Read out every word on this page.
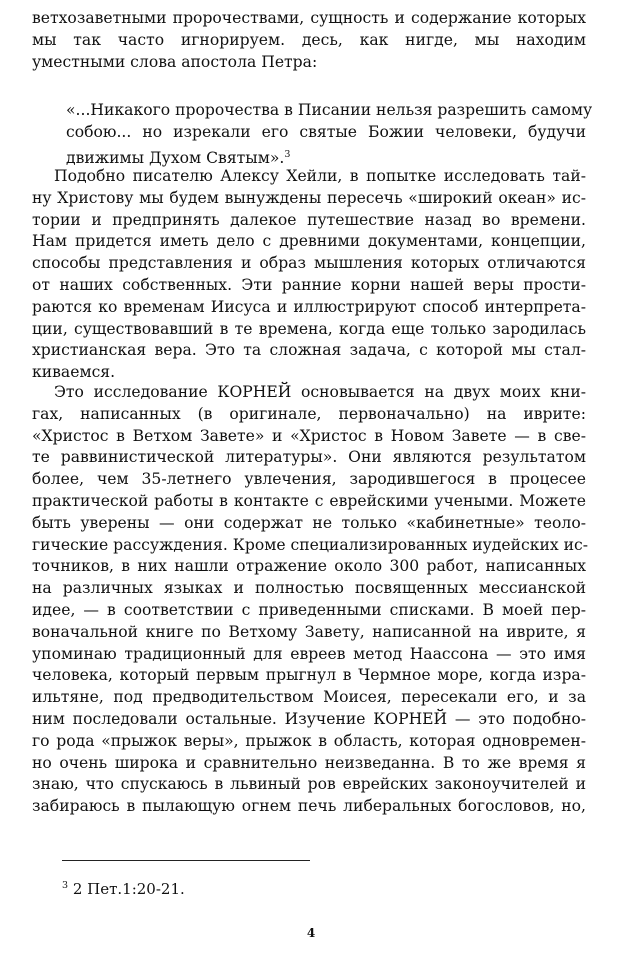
ветхозаветными пророчествами, сущность и содержание которых
мы так часто игнорируем. десь, как нигде, мы находим
уместными слова апостола Петра:
«...Никакого пророчества в Писании нельзя разрешить самому
собою... но изрекали его святые Божии человеки, будучи
движимы Духом Святым».$^3$
Подобно писателю Алексу Хейли, в попытке исследовать тай-
ну Христову мы будем вынуждены пересечь «широкий океан» ис-
тории и предпринять далекое путешествие назад во времени.
Нам придется иметь дело с древними документами, концепции,
способы представления и образ мышления которых отличаются
от наших собственных. Эти ранние корни нашей веры прости-
раются ко временам Иисуса и иллюстрируют способ интерпрета-
ции, существовавший в те времена, когда еще только зародилась
христианская вера. Это та сложная задача, с которой мы стал-
киваемся.
Это исследование КОРНЕЙ основывается на двух моих кни-
гах, написанных (в оригинале, первоначально) на иврите:
«Христос в Ветхом Завете» и «Христос в Новом Завете — в све-
те раввинистической литературы». Они являются результатом
более, чем 35-летнего увлечения, зародившегося в процесее
практической работы в контакте с еврейскими учеными. Можете
быть уверены — они содержат не только «кабинетные» теоло-
гические рассуждения. Кроме специализированных иудейских ис-
точников, в них нашли отражение около 300 работ, написанных
на различных языках и полностью посвященных мессианской
идее, — в соответствии с приведенными списками. В моей пер-
воначальной книге по Ветхому Завету, написанной на иврите, я
упоминаю традиционный для евреев метод Наассона — это имя
человека, который первым прыгнул в Чермное море, когда изра-
ильтяне, под предводительством Моисея, пересекали его, и за
ним последовали остальные. Изучение КОРНЕЙ — это подобно-
го рода «прыжок веры», прыжок в область, которая одновремен-
но очень широка и сравнительно неизведанна. В то же время я
знаю, что спускаюсь в львиный ров еврейских законоучителей и
забираюсь в пылающую огнем печь либеральных богословов, но,
$^3$ 2 Пет.1:20-21.
4
